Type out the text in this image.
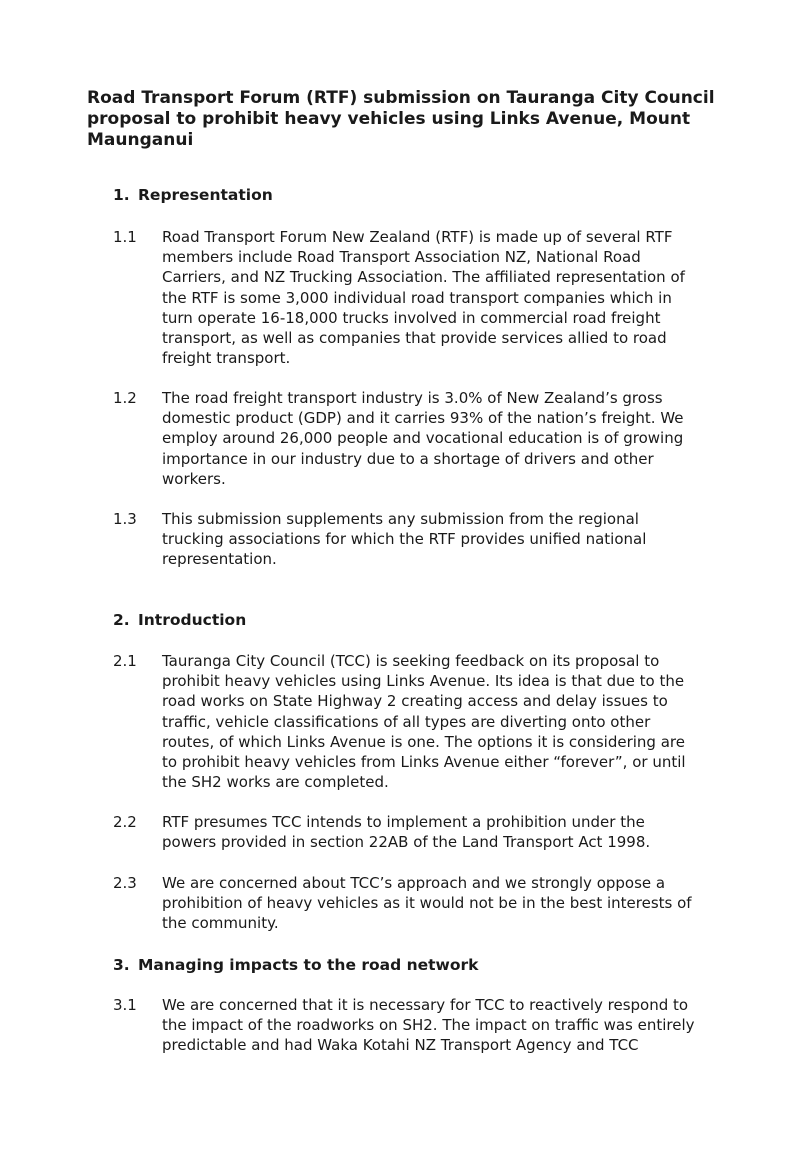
Road Transport Forum (RTF) submission on Tauranga City Council proposal to prohibit heavy vehicles using Links Avenue, Mount Maunganui
1. Representation
1.1	Road Transport Forum New Zealand (RTF) is made up of several RTF
members include Road Transport Association NZ, National Road
Carriers, and NZ Trucking Association. The affiliated representation of
the RTF is some 3,000 individual road transport companies which in
turn operate 16-18,000 trucks involved in commercial road freight
transport, as well as companies that provide services allied to road
freight transport.
1.2	The road freight transport industry is 3.0% of New Zealand’s gross
domestic product (GDP) and it carries 93% of the nation’s freight. We
employ around 26,000 people and vocational education is of growing
importance in our industry due to a shortage of drivers and other
workers.
1.3	This submission supplements any submission from the regional
trucking associations for which the RTF provides unified national
representation.
2. Introduction
2.1	Tauranga City Council (TCC) is seeking feedback on its proposal to
prohibit heavy vehicles using Links Avenue. Its idea is that due to the
road works on State Highway 2 creating access and delay issues to
traffic, vehicle classifications of all types are diverting onto other
routes, of which Links Avenue is one. The options it is considering are
to prohibit heavy vehicles from Links Avenue either “forever”, or until
the SH2 works are completed.
2.2	RTF presumes TCC intends to implement a prohibition under the
powers provided in section 22AB of the Land Transport Act 1998.
2.3	We are concerned about TCC’s approach and we strongly oppose a
prohibition of heavy vehicles as it would not be in the best interests of
the community.
3. Managing impacts to the road network
3.1	We are concerned that it is necessary for TCC to reactively respond to
the impact of the roadworks on SH2. The impact on traffic was entirely
predictable and had Waka Kotahi NZ Transport Agency and TCC
